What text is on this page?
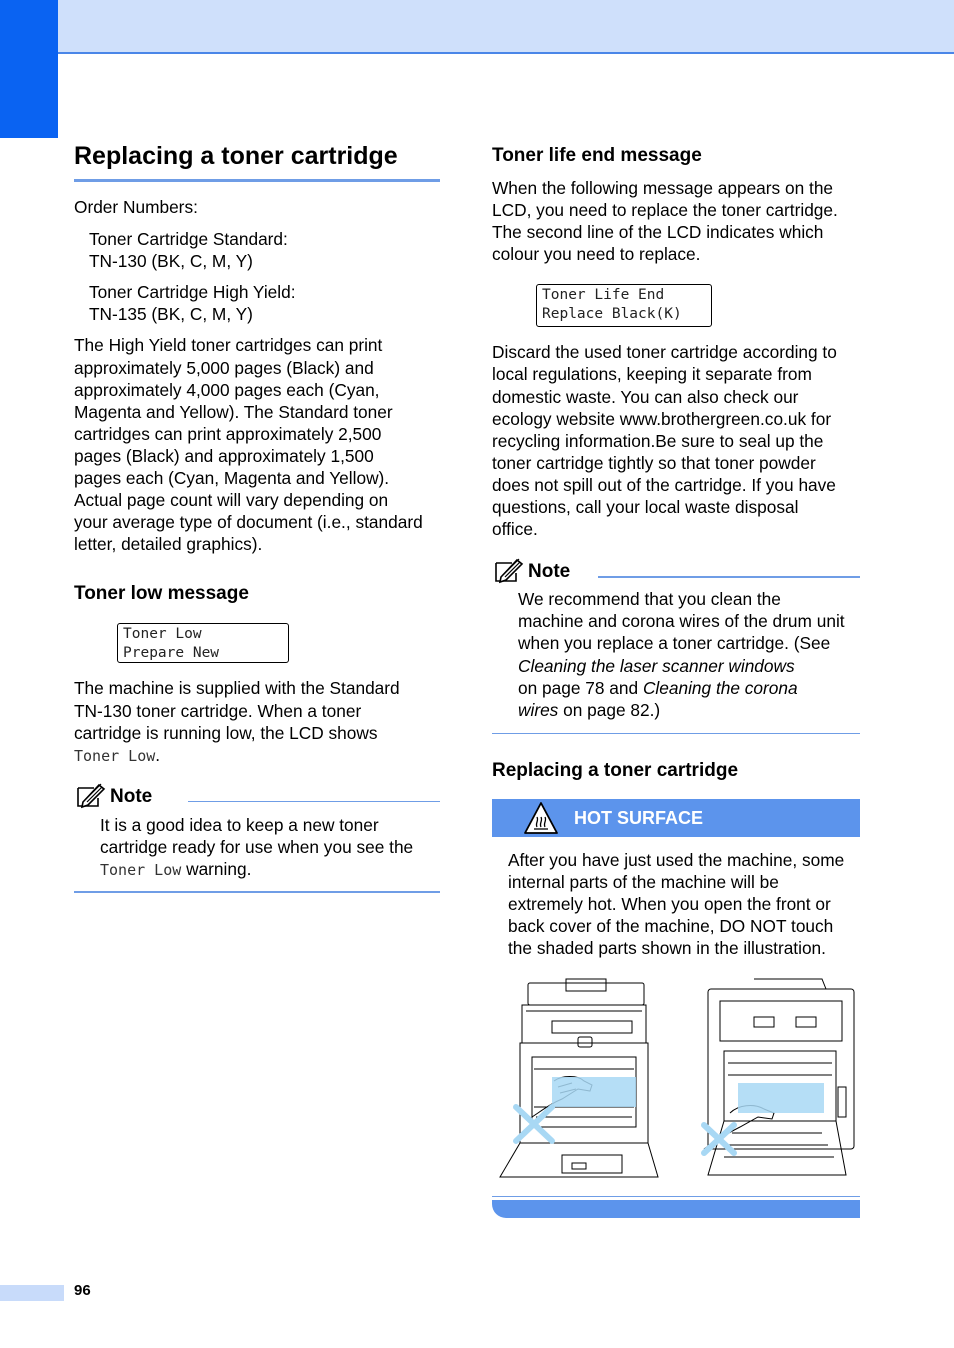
Replacing a toner cartridge

Order Numbers:

Toner Cartridge Standard:

TN-130 (BK, C, M, Y)

Toner Cartridge High Yield:

TN-135 (BK, C, M, Y)

The High Yield toner cartridges can print

approximately 5,000 pages (Black) and

approximately 4,000 pages each (Cyan,

Magenta and Yellow). The Standard toner

cartridges can print approximately 2,500

pages (Black) and approximately 1,500

pages each (Cyan, Magenta and Yellow).

Actual page count will vary depending on

your average type of document (i.e., standard

letter, detailed graphics).

Toner low message
Toner Low
Prepare New

The machine is supplied with the Standard

TN-130 toner cartridge. When a toner

cartridge is running low, the LCD shows

Toner Low.

Note

It is a good idea to keep a new toner

cartridge ready for use when you see the

Toner Low warning.

Toner life end message

When the following message appears on the

LCD, you need to replace the toner cartridge.

The second line of the LCD indicates which

colour you need to replace.

Toner Life End
Replace Black(K)

Discard the used toner cartridge according to

local regulations, keeping it separate from

domestic waste. You can also check our

ecology website www.brothergreen.co.uk for

recycling information.Be sure to seal up the

toner cartridge tightly so that toner powder

does not spill out of the cartridge. If you have

questions, call your local waste disposal

office.

Note

We recommend that you clean the

machine and corona wires of the drum unit

when you replace a toner cartridge. (See

Cleaning the laser scanner windows

on page 78 and Cleaning the corona

wires on page 82.)

Replacing a toner cartridge
HOT SURFACE

After you have just used the machine, some

internal parts of the machine will be

extremely hot. When you open the front or

back cover of the machine, DO NOT touch

the shaded parts shown in the illustration.

96
